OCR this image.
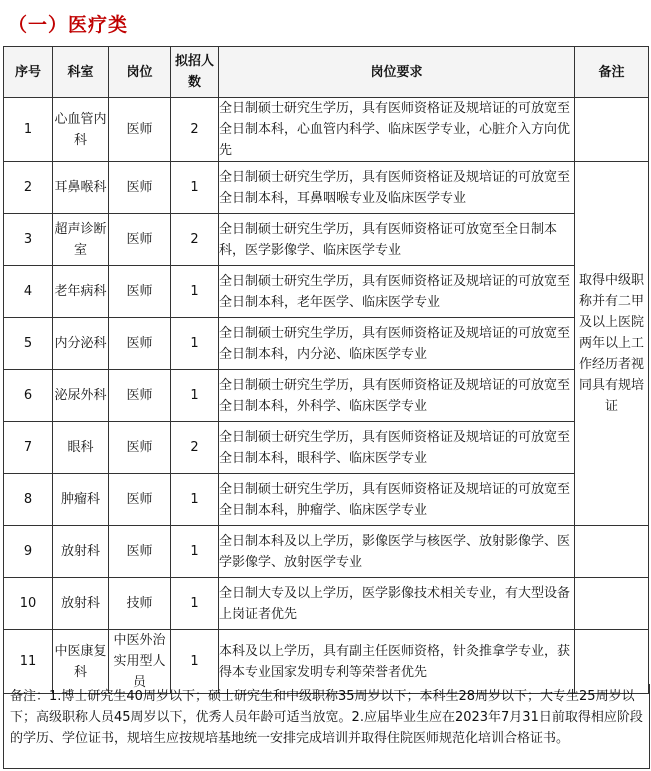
（一）医疗类
序号	科室	岗位	拟招人数	岗位要求	备注
1	心血管内科	医师	2	全日制硕士研究生学历，具有医师资格证及规培证的可放宽至全日制本科，心血管内科学、临床医学专业，心脏介入方向优先	
2	耳鼻喉科	医师	1	全日制硕士研究生学历，具有医师资格证及规培证的可放宽至全日制本科，耳鼻咽喉专业及临床医学专业	取得中级职称并有二甲及以上医院两年以上工作经历者视同具有规培证
3	超声诊断室	医师	2	全日制硕士研究生学历，具有医师资格证可放宽至全日制本科，医学影像学、临床医学专业	
4	老年病科	医师	1	全日制硕士研究生学历，具有医师资格证及规培证的可放宽至全日制本科，老年医学、临床医学专业	
5	内分泌科	医师	1	全日制硕士研究生学历，具有医师资格证及规培证的可放宽至全日制本科，内分泌、临床医学专业	
6	泌尿外科	医师	1	全日制硕士研究生学历，具有医师资格证及规培证的可放宽至全日制本科，外科学、临床医学专业	
7	眼科	医师	2	全日制硕士研究生学历，具有医师资格证及规培证的可放宽至全日制本科，眼科学、临床医学专业	
8	肿瘤科	医师	1	全日制硕士研究生学历，具有医师资格证及规培证的可放宽至全日制本科，肿瘤学、临床医学专业	
9	放射科	医师	1	全日制本科及以上学历，影像医学与核医学、放射影像学、医学影像学、放射医学专业	
10	放射科	技师	1	全日制大专及以上学历，医学影像技术相关专业，有大型设备上岗证者优先	
11	中医康复科	中医外治实用型人员	1	本科及以上学历，具有副主任医师资格，针灸推拿学专业，获得本专业国家发明专利等荣誉者优先	
备注：1.博士研究生40周岁以下；硕士研究生和中级职称35周岁以下；本科生28周岁以下；大专生25周岁以下；高级职称人员45周岁以下，优秀人员年龄可适当放宽。2.应届毕业生应在2023年7月31日前取得相应阶段的学历、学位证书，规培生应按规培基地统一安排完成培训并取得住院医师规范化培训合格证书。
